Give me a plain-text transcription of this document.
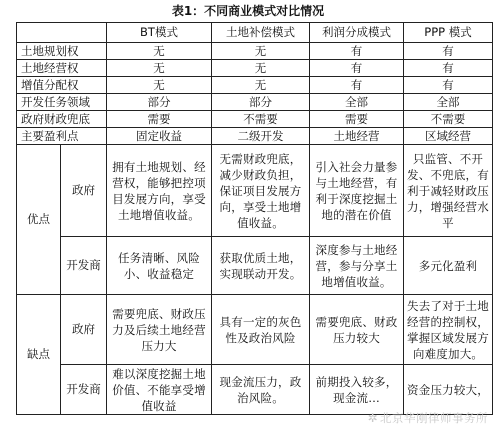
表1：不同商业模式对比情况
		BT模式	土地补偿模式	利润分成模式	PPP 模式
土地规划权		无	无	有	有
土地经营权		无	无	有	有
增值分配权		无	无	有	有
开发任务领域		部分	部分	全部	全部
政府财政兜底		需要	不需要	需要	不需要
主要盈利点		固定收益	二级开发	土地经营	区域经营
优点	政府	拥有土地规划、经营权，能够把控项目发展方向，享受土地增值收益。	无需财政兜底，减少财政负担，保证项目发展方向，享受土地增值收益。	引入社会力量参与土地经营，有利于深度挖掘土地的潜在价值	只监管、不开发、不兜底，有利于减轻财政压力，增强经营水平
	开发商	任务清晰、风险小、收益稳定	获取优质土地，实现联动开发。	深度参与土地经营，参与分享土地增值收益。	多元化盈利
缺点	政府	需要兜底、财政压力及后续土地经营压力大	具有一定的灰色性及政治风险	需要兜底、财政压力较大	失去了对于土地经营的控制权，掌握区域发展方向难度加大。
	开发商	难以深度挖掘土地价值、不能享受增值收益	现金流压力，政治风险。	前期投入较多，现金流…	资金压力较大，
✲ 北京华刚律师事务所
